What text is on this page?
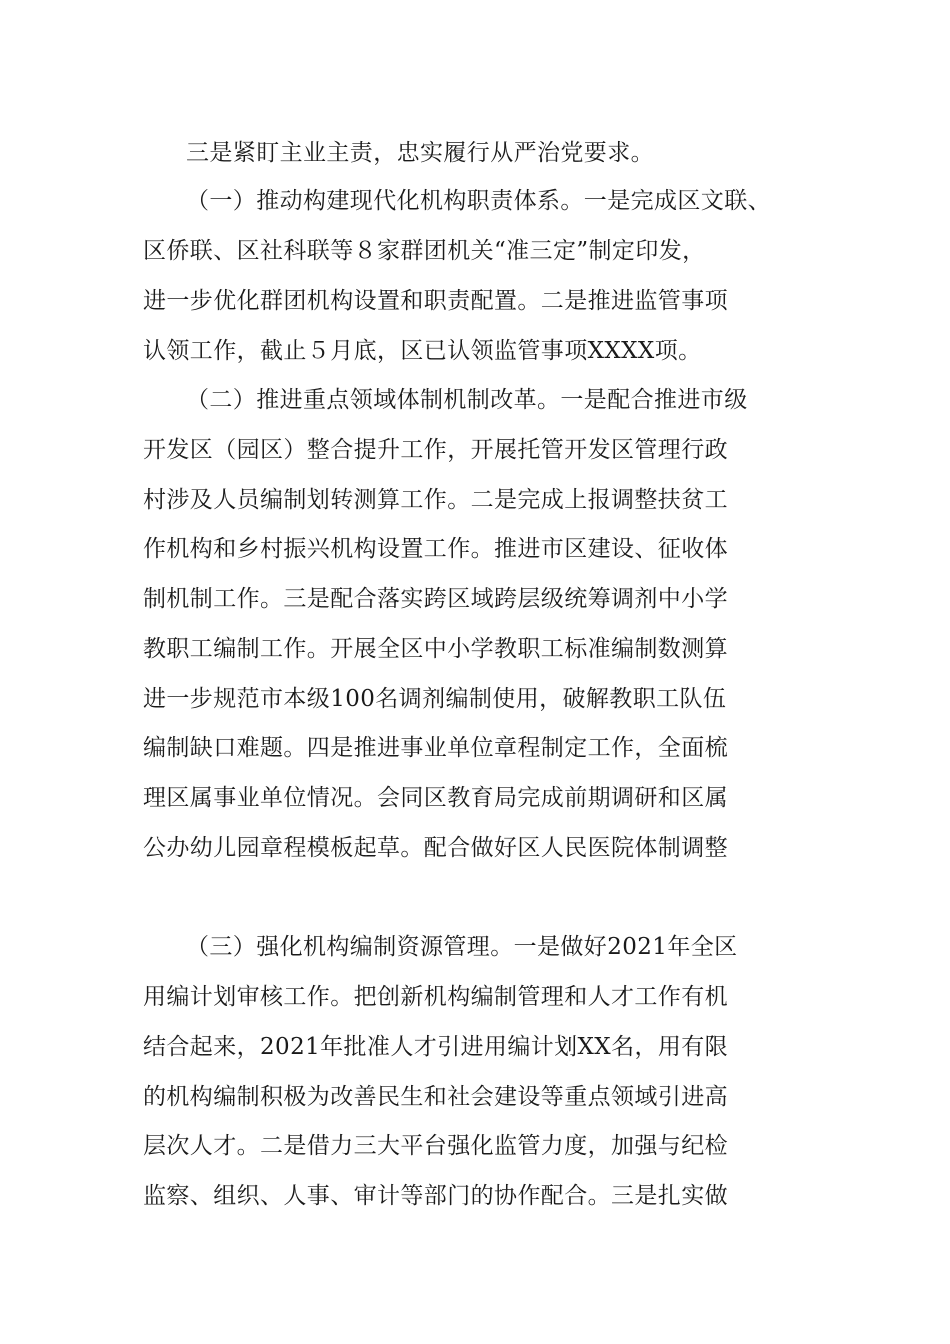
三是紧盯主业主责，忠实履行从严治党要求。
（一）推动构建现代化机构职责体系。一是完成区文联、
区侨联、区社科联等８家群团机关“准三定”制定印发，
进一步优化群团机构设置和职责配置。二是推进监管事项
认领工作，截止５月底，区已认领监管事项XXXX项。
（二）推进重点领域体制机制改革。一是配合推进市级
开发区（园区）整合提升工作，开展托管开发区管理行政
村涉及人员编制划转测算工作。二是完成上报调整扶贫工
作机构和乡村振兴机构设置工作。推进市区建设、征收体
制机制工作。三是配合落实跨区域跨层级统筹调剂中小学
教职工编制工作。开展全区中小学教职工标准编制数测算
进一步规范市本级100名调剂编制使用，破解教职工队伍
编制缺口难题。四是推进事业单位章程制定工作，全面梳
理区属事业单位情况。会同区教育局完成前期调研和区属
公办幼儿园章程模板起草。配合做好区人民医院体制调整
（三）强化机构编制资源管理。一是做好2021年全区
用编计划审核工作。把创新机构编制管理和人才工作有机
结合起来，2021年批准人才引进用编计划XX名，用有限
的机构编制积极为改善民生和社会建设等重点领域引进高
层次人才。二是借力三大平台强化监管力度，加强与纪检
监察、组织、人事、审计等部门的协作配合。三是扎实做
